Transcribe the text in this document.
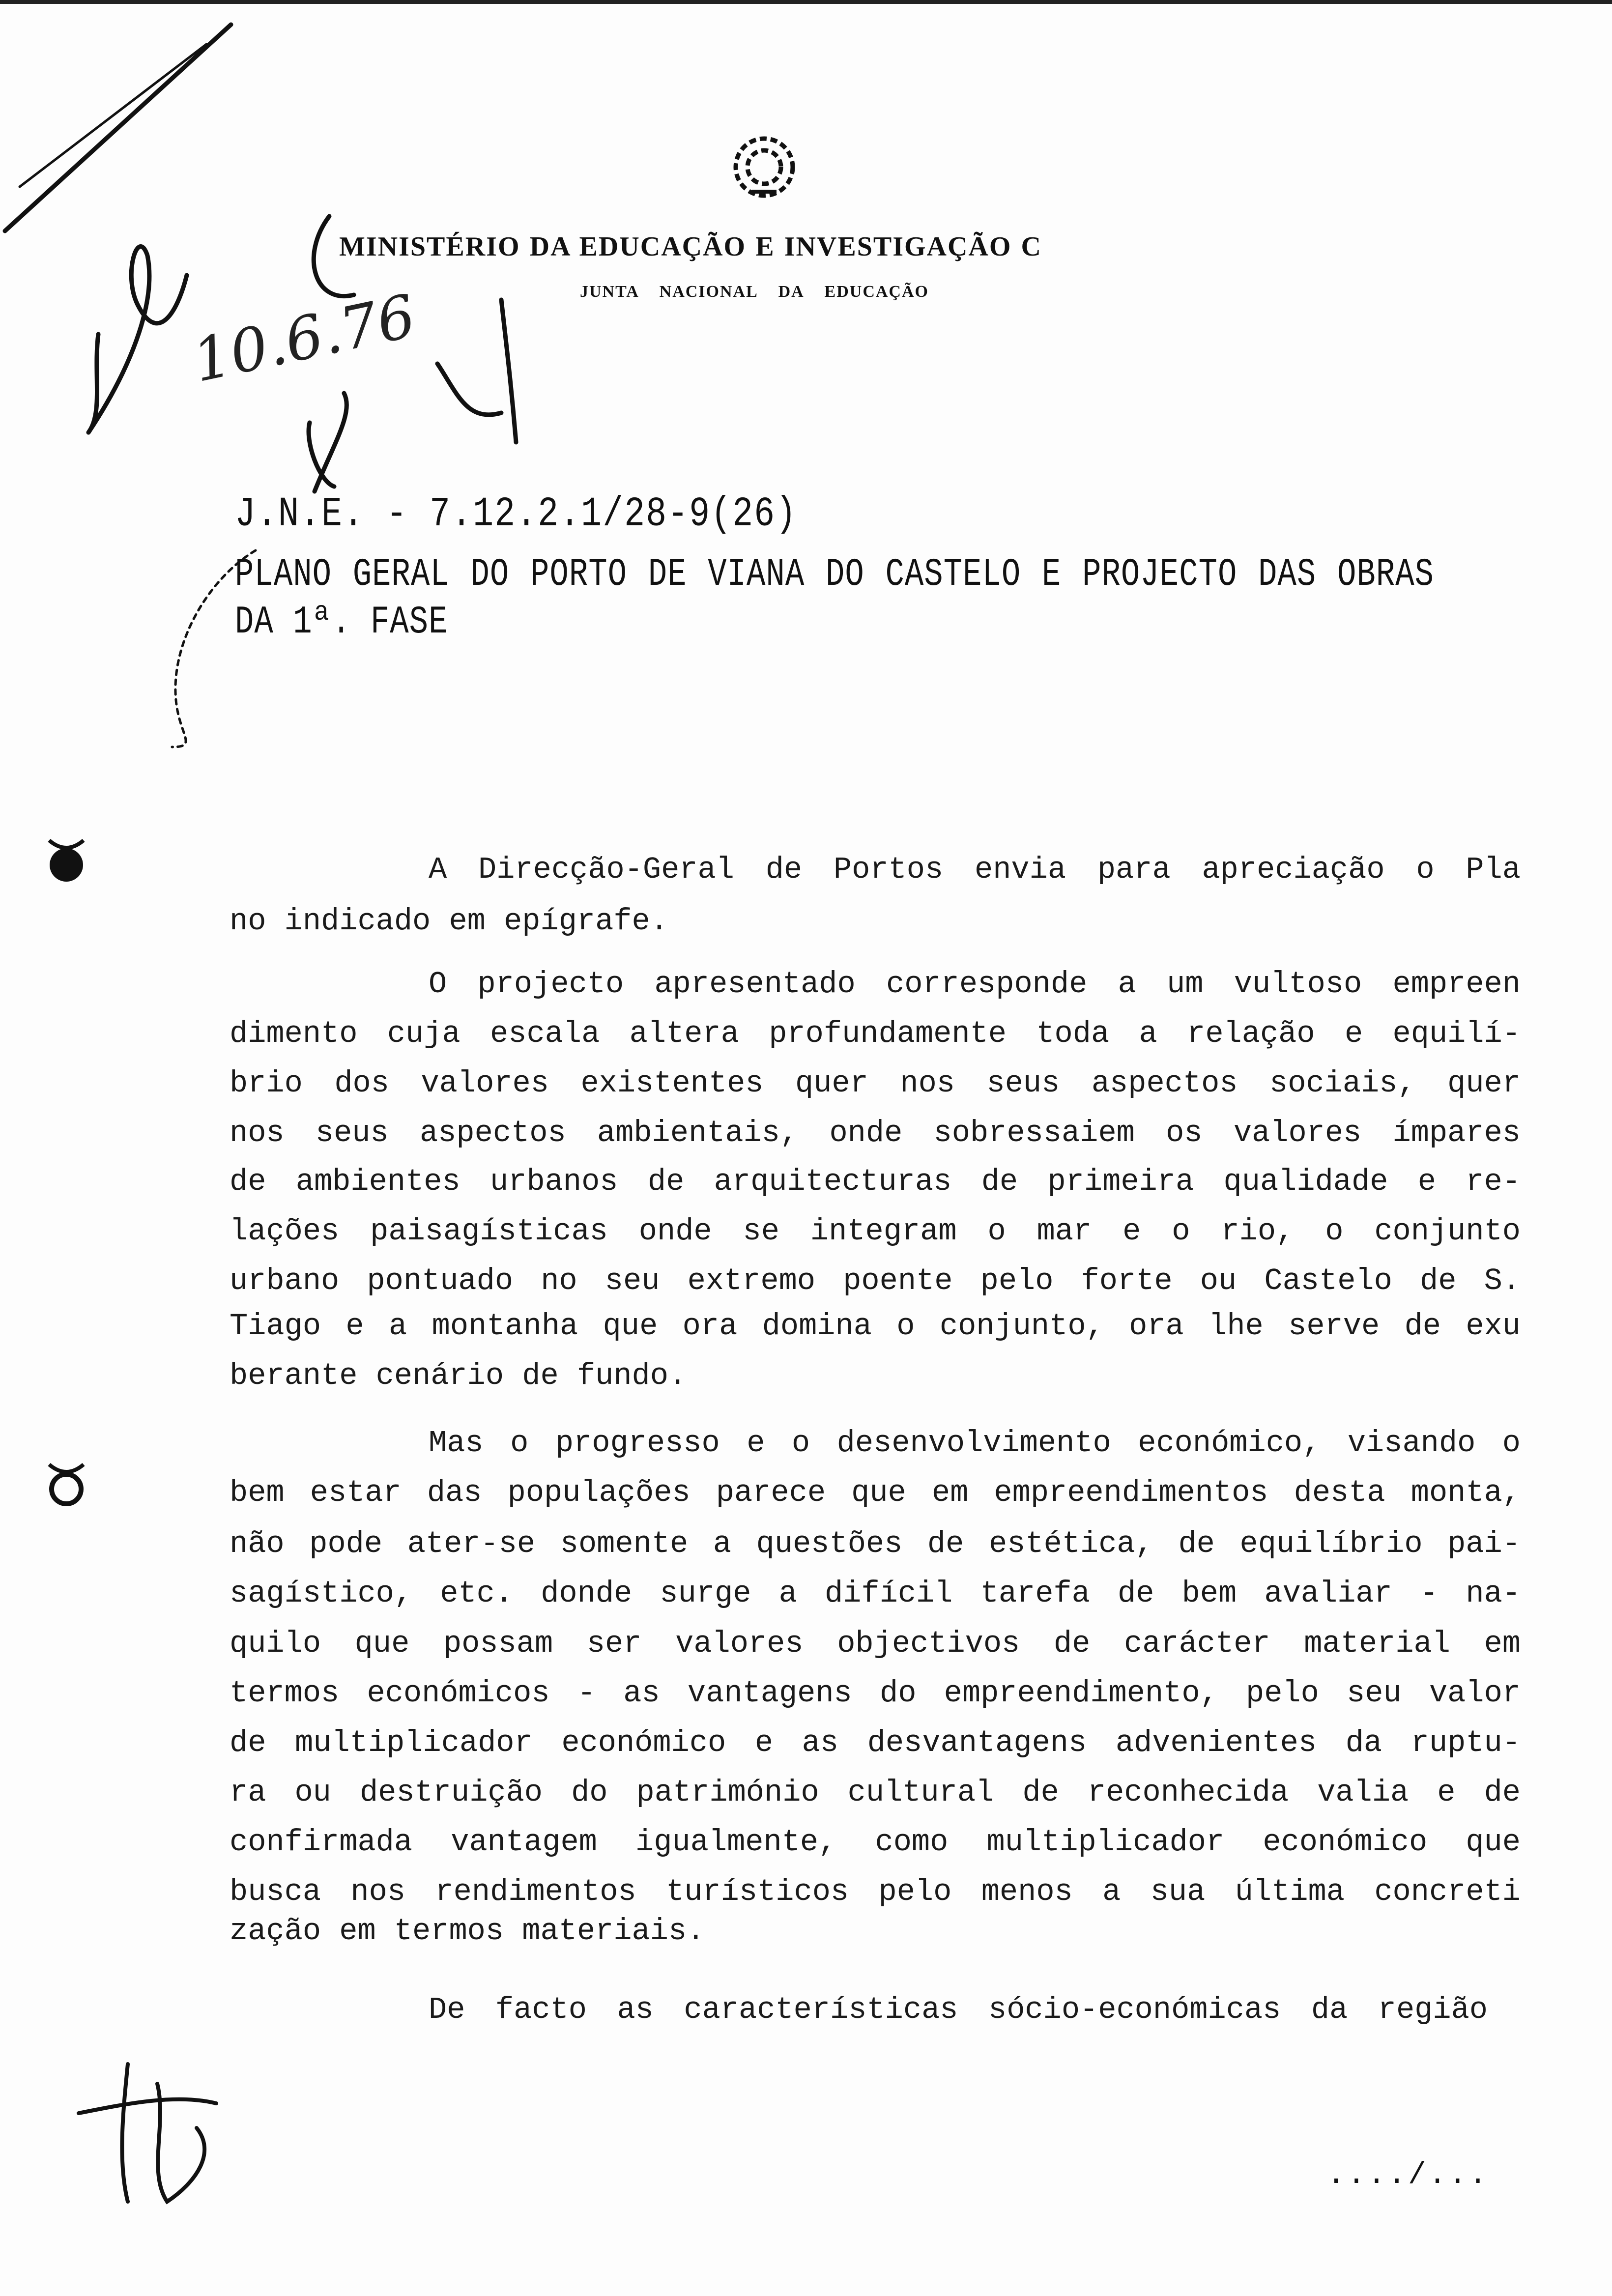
MINISTÉRIO DA EDUCAÇÃO E INVESTIGAÇÃO C
JUNTA NACIONAL DA EDUCAÇÃO
10.6.76
J.N.E. - 7.12.2.1/28-9(26)
PLANO GERAL DO PORTO DE VIANA DO CASTELO E PROJECTO DAS OBRAS
DA 1ª. FASE
A Direcção-Geral de Portos envia para apreciação o Pla
no indicado em epígrafe.
O projecto apresentado corresponde a um vultoso empreen
dimento cuja escala altera profundamente toda a relação e equilí-
brio dos valores existentes quer nos seus aspectos sociais, quer
nos seus aspectos ambientais, onde sobressaiem os valores ímpares
de ambientes urbanos de arquitecturas de primeira qualidade e re-
lações paisagísticas onde se integram o mar e o rio, o conjunto
urbano pontuado no seu extremo poente pelo forte ou Castelo de S.
Tiago e a montanha que ora domina o conjunto, ora lhe serve de exu
berante cenário de fundo.
Mas o progresso e o desenvolvimento económico, visando o
bem estar das populações parece que em empreendimentos desta monta,
não pode ater-se somente a questões de estética, de equilíbrio pai-
sagístico, etc. donde surge a difícil tarefa de bem avaliar - na-
quilo que possam ser valores objectivos de carácter material em
termos económicos - as vantagens do empreendimento, pelo seu valor
de multiplicador económico e as desvantagens advenientes da ruptu-
ra ou destruição do património cultural de reconhecida valia e de
confirmada vantagem igualmente, como multiplicador económico que
busca nos rendimentos turísticos pelo menos a sua última concreti
zação em termos materiais.
De facto as características sócio-económicas da região
..../...
